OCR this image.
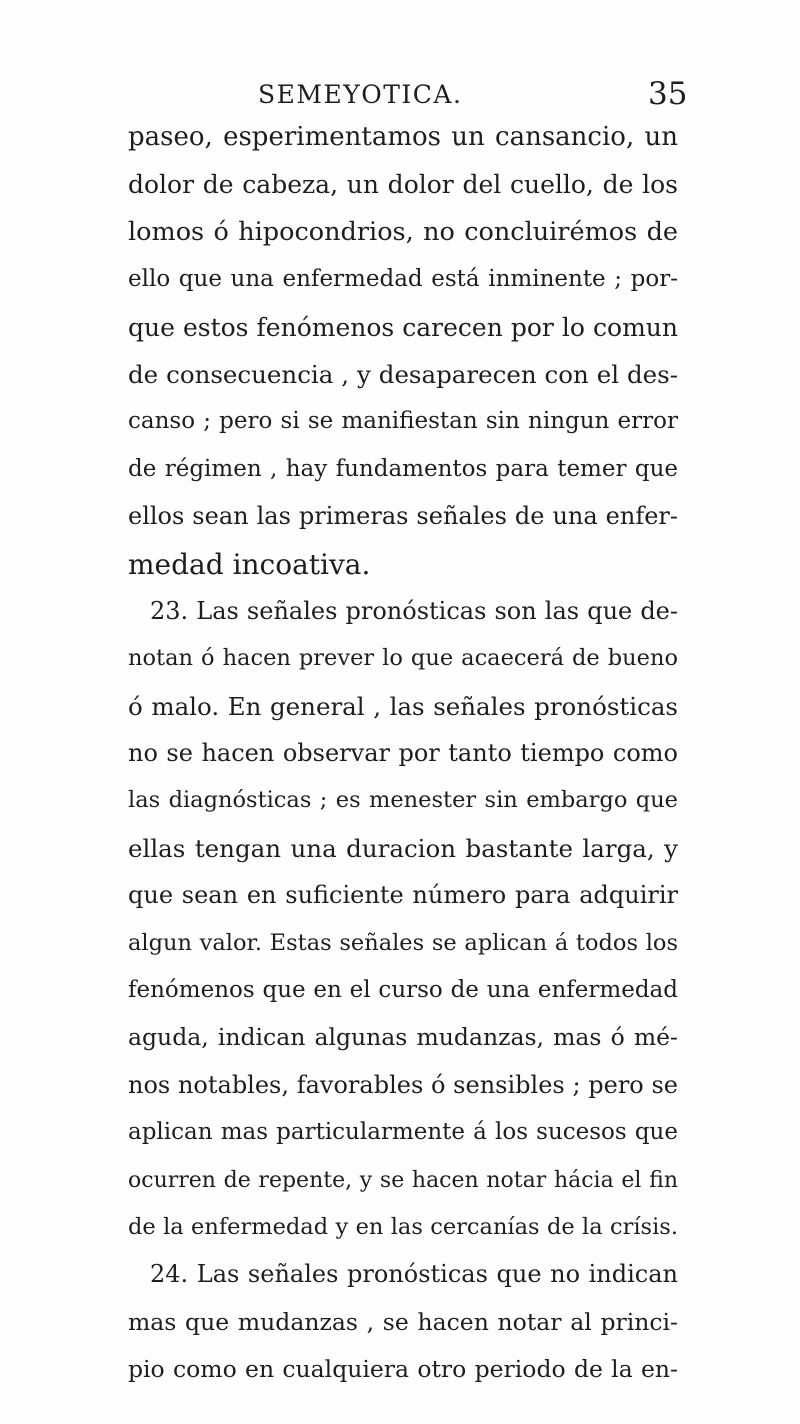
SEMEYOTICA.	35
paseo, esperimentamos un cansancio, un
dolor de cabeza, un dolor del cuello, de los
lomos ó hipocondrios, no concluirémos de
ello que una enfermedad está inminente ; por-
que estos fenómenos carecen por lo comun
de consecuencia , y desaparecen con el des-
canso ; pero si se manifiestan sin ningun error
de régimen , hay fundamentos para temer que
ellos sean las primeras señales de una enfer-
medad incoativa.
23. Las señales pronósticas son las que de-
notan ó hacen prever lo que acaecerá de bueno
ó malo. En general , las señales pronósticas
no se hacen observar por tanto tiempo como
las diagnósticas ; es menester sin embargo que
ellas tengan una duracion bastante larga, y
que sean en suficiente número para adquirir
algun valor. Estas señales se aplican á todos los
fenómenos que en el curso de una enfermedad
aguda, indican algunas mudanzas, mas ó mé-
nos notables, favorables ó sensibles ; pero se
aplican mas particularmente á los sucesos que
ocurren de repente, y se hacen notar hácia el fin
de la enfermedad y en las cercanías de la crísis.
24. Las señales pronósticas que no indican
mas que mudanzas , se hacen notar al princi-
pio como en cualquiera otro periodo de la en-
